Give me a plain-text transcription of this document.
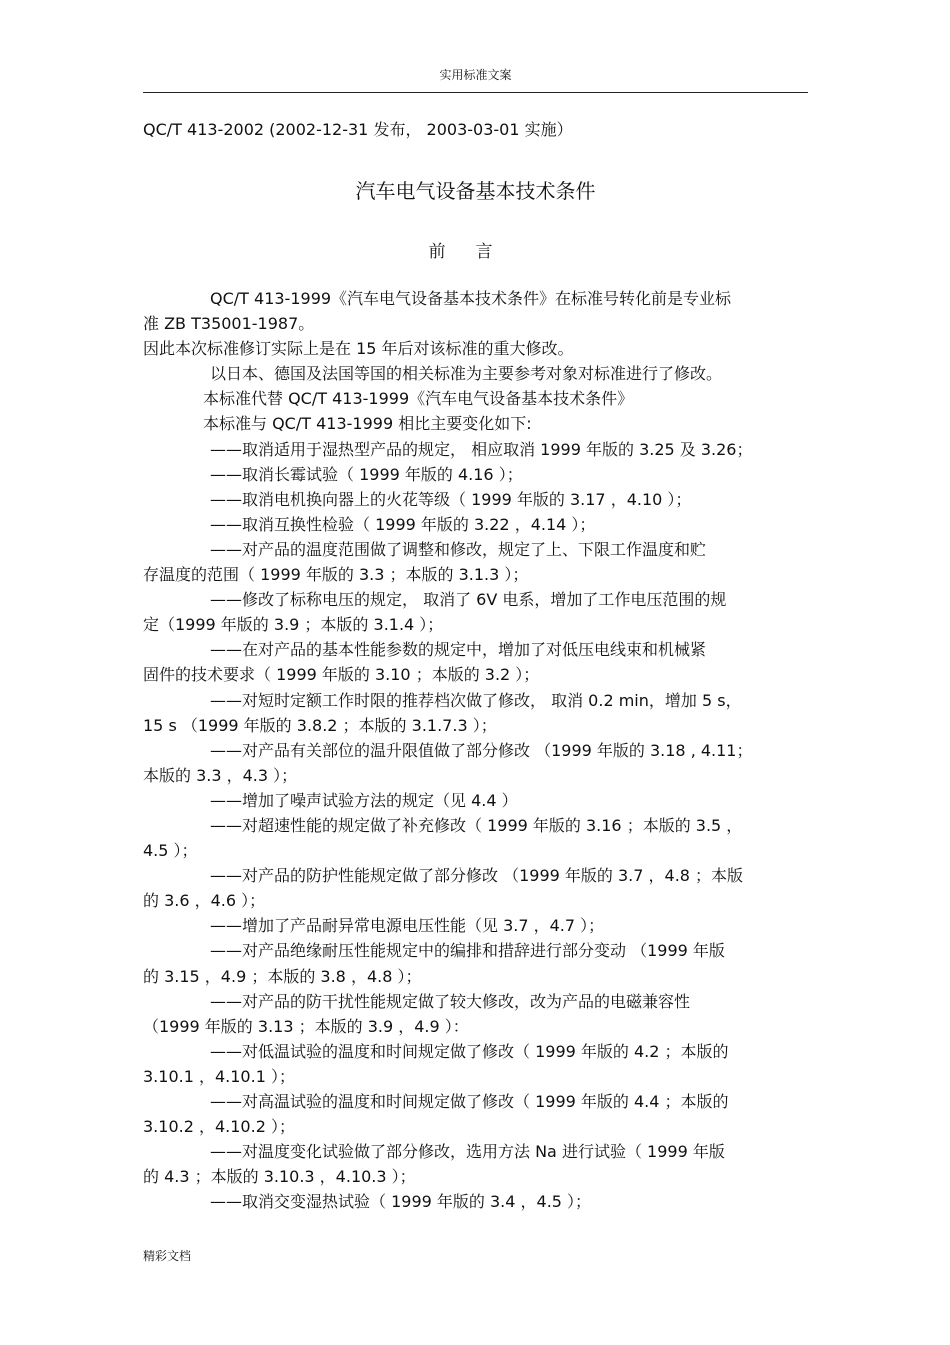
实用标准文案
QC/T 413-2002 (2002-12-31 发布， 2003-03-01 实施）
汽车电气设备基本技术条件
前言
QC/T 413-1999《汽车电气设备基本技术条件》在标准号转化前是专业标
准 ZB T35001-1987。
因此本次标准修订实际上是在 15 年后对该标准的重大修改。
以日本、德国及法国等国的相关标准为主要参考对象对标准进行了修改。
本标准代替 QC/T 413-1999《汽车电气设备基本技术条件》
本标准与 QC/T 413-1999 相比主要变化如下:
——取消适用于湿热型产品的规定， 相应取消 1999 年版的 3.25 及 3.26；
——取消长霉试验（ 1999 年版的 4.16 ）；
——取消电机换向器上的火花等级（ 1999 年版的 3.17 ，4.10 ）；
——取消互换性检验（ 1999 年版的 3.22 ，4.14 ）；
——对产品的温度范围做了调整和修改，规定了上、下限工作温度和贮
存温度的范围（ 1999 年版的 3.3 ；本版的 3.1.3 ）；
——修改了标称电压的规定， 取消了 6V 电系，增加了工作电压范围的规
定（1999 年版的 3.9 ；本版的 3.1.4 ）；
——在对产品的基本性能参数的规定中，增加了对低压电线束和机械紧
固件的技术要求（ 1999 年版的 3.10 ；本版的 3.2 ）；
——对短时定额工作时限的推荐档次做了修改， 取消 0.2 min，增加 5 s，
15 s （1999 年版的 3.8.2 ；本版的 3.1.7.3 ）；
——对产品有关部位的温升限值做了部分修改 （1999 年版的 3.18 , 4.11；
本版的 3.3 ，4.3 ）；
——增加了噪声试验方法的规定（见 4.4 ）
——对超速性能的规定做了补充修改（ 1999 年版的 3.16 ；本版的 3.5 ，
4.5 ）；
——对产品的防护性能规定做了部分修改 （1999 年版的 3.7 ，4.8 ；本版
的 3.6 ，4.6 ）；
——增加了产品耐异常电源电压性能（见 3.7 ，4.7 ）；
——对产品绝缘耐压性能规定中的编排和措辞进行部分变动 （1999 年版
的 3.15 ，4.9 ；本版的 3.8 ，4.8 ）；
——对产品的防干扰性能规定做了较大修改，改为产品的电磁兼容性
（1999 年版的 3.13 ；本版的 3.9 ，4.9 ）：
——对低温试验的温度和时间规定做了修改（ 1999 年版的 4.2 ；本版的
3.10.1 ，4.10.1 ）；
——对高温试验的温度和时间规定做了修改（ 1999 年版的 4.4 ；本版的
3.10.2 ，4.10.2 ）；
——对温度变化试验做了部分修改，选用方法 Na 进行试验（ 1999 年版
的 4.3 ；本版的 3.10.3 ，4.10.3 ）；
——取消交变湿热试验（ 1999 年版的 3.4 ，4.5 ）；
精彩文档
